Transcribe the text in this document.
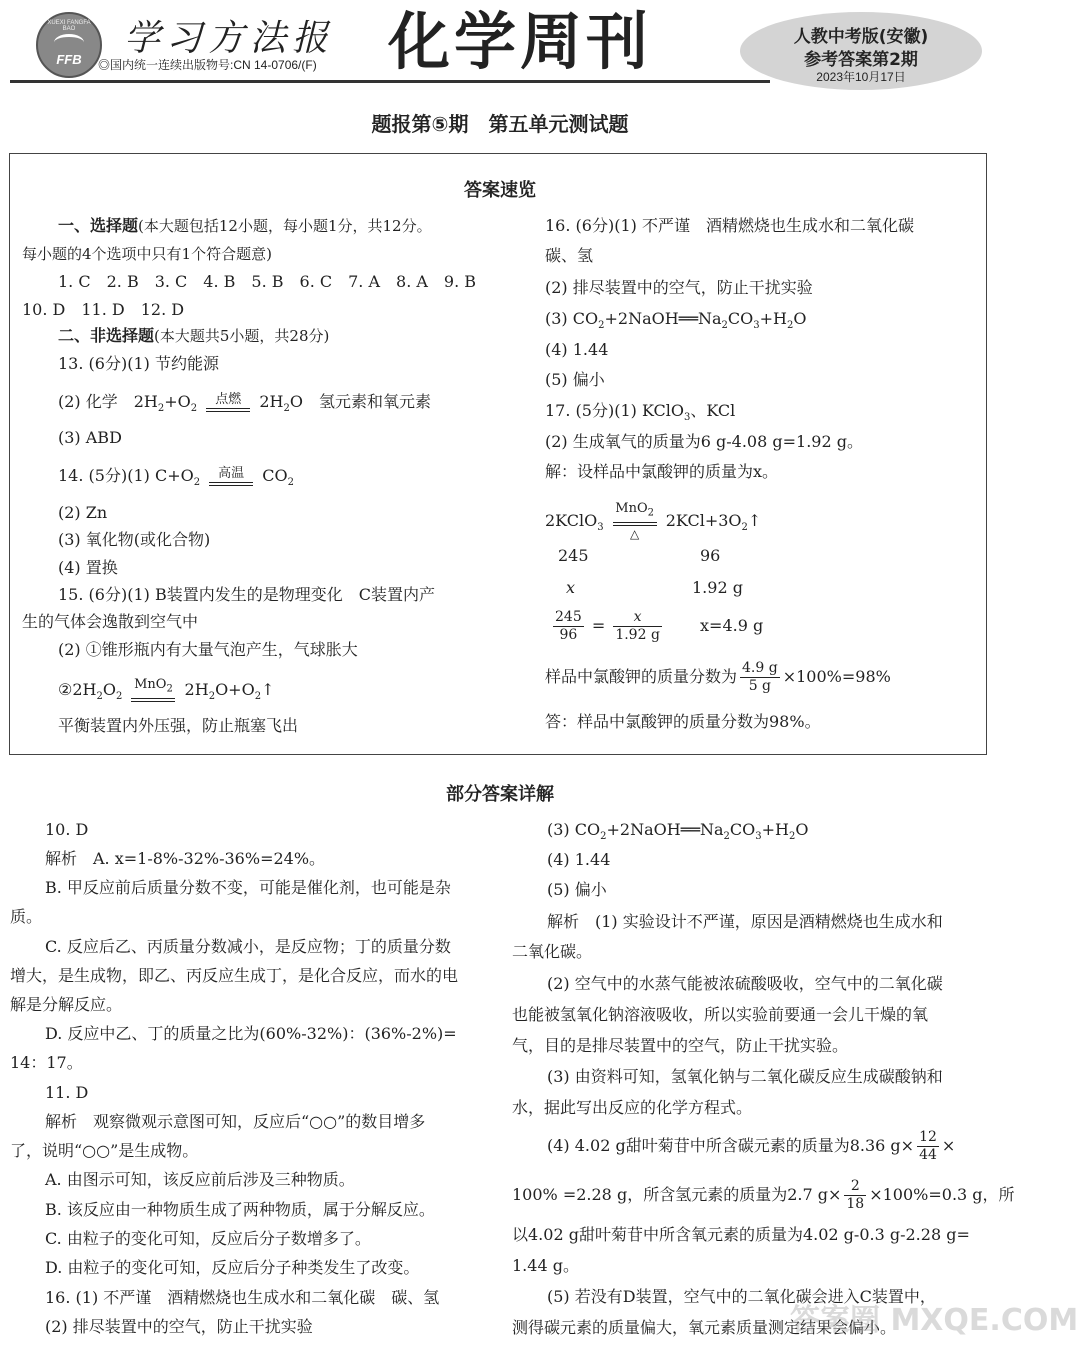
XUEXI FANGFA BAO
FFB
学习方法报
◎国内统一连续出版物号:CN 14-0706/(F) 化学周刊	人教中考版(安徽)
参考答案第2期
2023年10月17日
题报第⑤期　第五单元测试题
答案速览
一、选择题(本大题包括12小题，每小题1分，共12分。
每小题的4个选项中只有1个符合题意)
1. C　2. B　3. C　4. B　5. B　6. C　7. A　8. A　9. B
10. D　11. D　12. D
二、非选择题(本大题共5小题，共28分)
13. (6分)(1) 节约能源
(2) 化学　$2H_2+O_2$
点燃	$2H_2O$　氢元素和氧元素
(3) ABD
14. (5分)(1) $C+O_2$
高温	$CO_2$
(2) Zn
(3) 氧化物(或化合物)
(4) 置换
15. (6分)(1) B装置内发生的是物理变化　C装置内产
生的气体会逸散到空气中
(2) ①锥形瓶内有大量气泡产生，气球胀大
$②2H_2O_2$
MnO$_2$ $2H_2O+O_2↑$
平衡装置内外压强，防止瓶塞飞出
16. (6分)(1) 不严谨　酒精燃烧也生成水和二氧化碳
碳、氢
(2) 排尽装置中的空气，防止干扰实验
(3) $CO_2+2NaOH══Na_2CO_3+H_2O$
(4) 1.44
(5) 偏小
17. (5分)(1) KClO$_3$、KCl
(2) 生成氧气的质量为6 g-4.08 g=1.92 g。
解：设样品中氯酸钾的质量为x。
2KClO$_3$
MnO$_2$
△
$2KCl+3O_2↑$
245	96
x	1.92 g
$\frac{245}{96} = \frac{x}{1.92 g} x=4.9$ g
样品中氯酸钾的质量分数为 $\frac{4.9 g}{5 g} \times 100\%=98\%$
答：样品中氯酸钾的质量分数为98%。
部分答案详解
10. D
解析　A. x=1-8%-32%-36%=24%。
B. 甲反应前后质量分数不变，可能是催化剂，也可能是杂
质。
C. 反应后乙、丙质量分数减小，是反应物；丁的质量分数
增大，是生成物，即乙、丙反应生成丁，是化合反应，而水的电
解是分解反应。
D. 反应中乙、丁的质量之比为(60%-32%)：(36%-2%)=
14：17。
11. D
解析　观察微观示意图可知，反应后“○○”的数目增多
了，说明“○○”是生成物。
A. 由图示可知，该反应前后涉及三种物质。
B. 该反应由一种物质生成了两种物质，属于分解反应。
C. 由粒子的变化可知，反应后分子数增多了。
D. 由粒子的变化可知，反应后分子种类发生了改变。
16. (1) 不严谨　酒精燃烧也生成水和二氧化碳　碳、氢
(2) 排尽装置中的空气，防止干扰实验
(3) $CO_2+2NaOH══Na_2CO_3+H_2O$
(4) 1.44
(5) 偏小
解析　(1) 实验设计不严谨，原因是酒精燃烧也生成水和
二氧化碳。
(2) 空气中的水蒸气能被浓硫酸吸收，空气中的二氧化碳
也能被氢氧化钠溶液吸收，所以实验前要通一会儿干燥的氧
气，目的是排尽装置中的空气，防止干扰实验。
(3) 由资料可知，氢氧化钠与二氧化碳反应生成碳酸钠和
水，据此写出反应的化学方程式。
(4) 4.02 g甜叶菊苷中所含碳元素的质量为8.36 $g\times \frac{12}{44}$ ×
100% =2.28 g，所含氢元素的质量为2.7 $g\times \frac{2}{18} \times 100\%=0.3$ g，所
以4.02 g甜叶菊苷中所含氧元素的质量为4.02 g-0.3 g-2.28 g=
1.44 g。
(5) 若没有D装置，空气中的二氧化碳会进入C装置中，
测得碳元素的质量偏大，氧元素质量测定结果会偏小。
答案圈 MXQE.COM
